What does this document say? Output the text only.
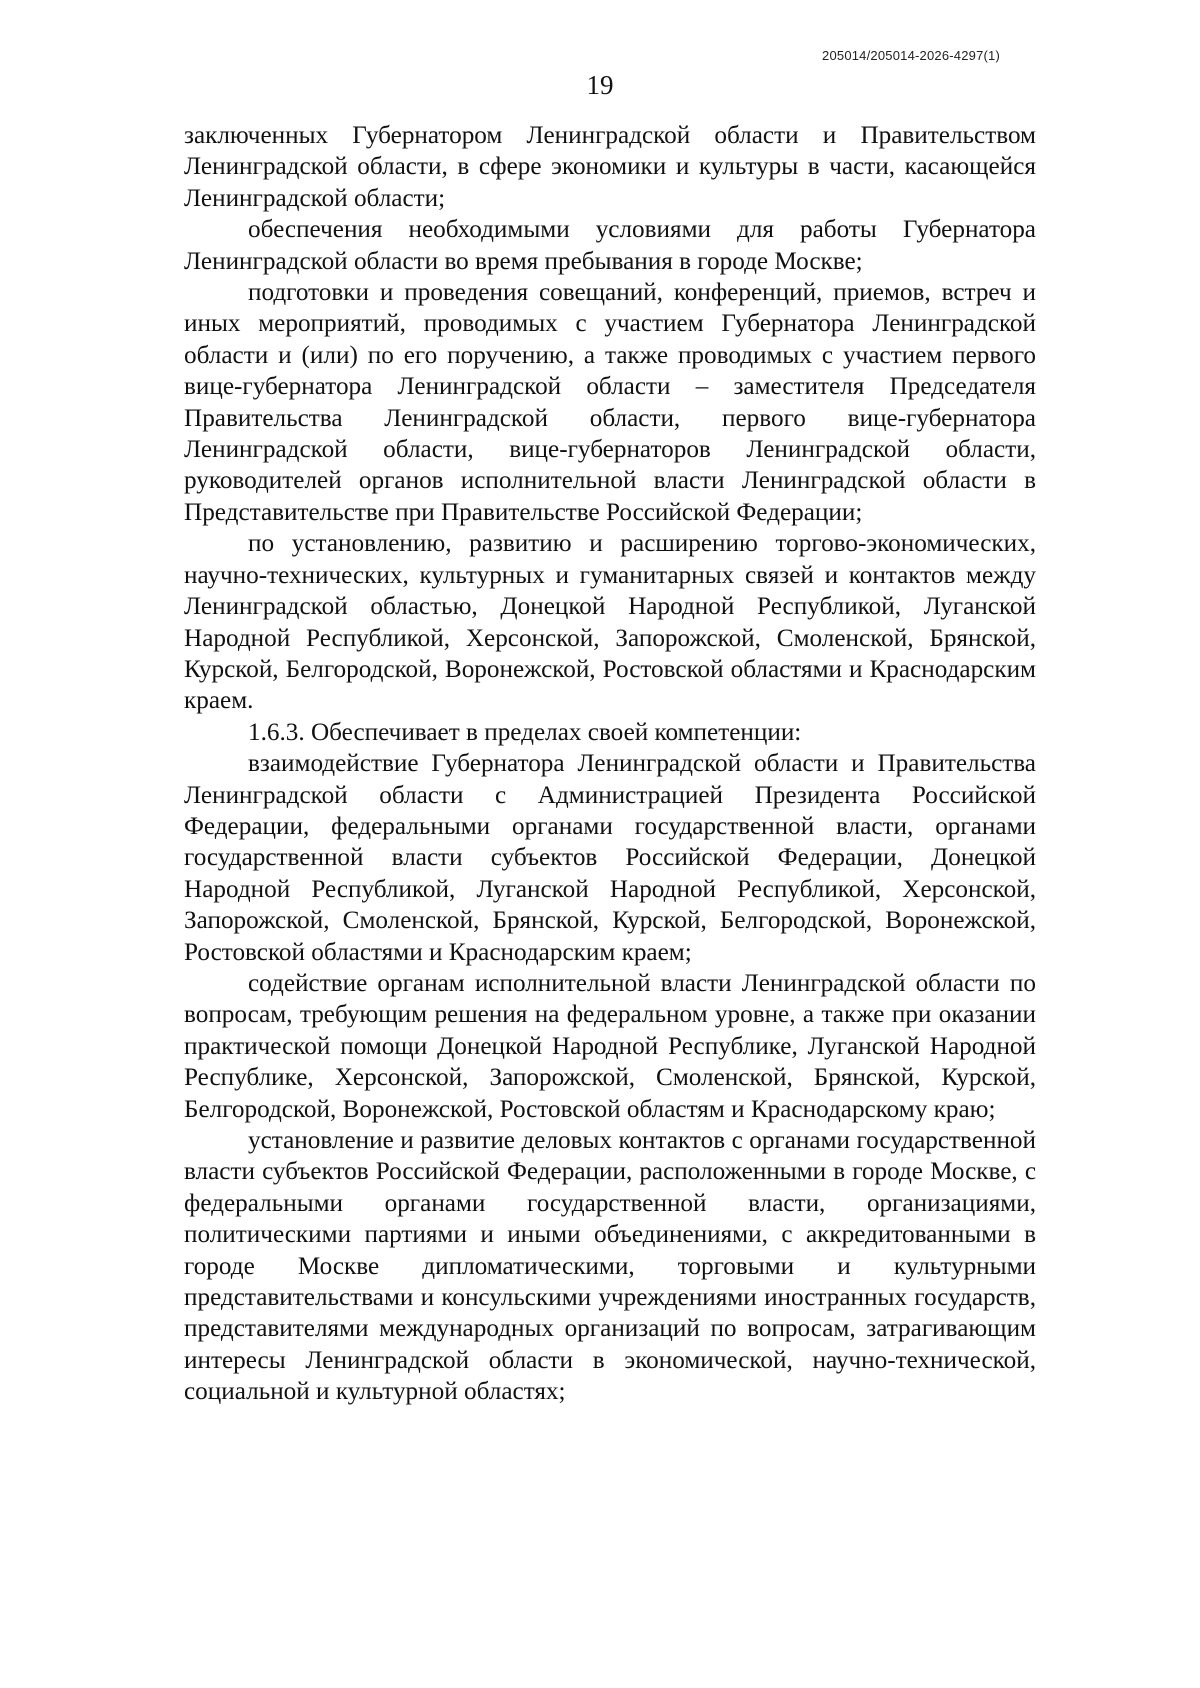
205014/205014-2026-4297(1)
19

заключенных Губернатором Ленинградской области и Правительством Ленинградской области, в сфере экономики и культуры в части, касающейся Ленинградской области;

обеспечения необходимыми условиями для работы Губернатора Ленинградской области во время пребывания в городе Москве;

подготовки и проведения совещаний, конференций, приемов, встреч и иных мероприятий, проводимых с участием Губернатора Ленинградской области и (или) по его поручению, а также проводимых с участием первого вице-губернатора Ленинградской области – заместителя Председателя Правительства Ленинградской области, первого вице-губернатора Ленинградской области, вице-губернаторов Ленинградской области, руководителей органов исполнительной власти Ленинградской области в Представительстве при Правительстве Российской Федерации;

по установлению, развитию и расширению торгово-экономических, научно-технических, культурных и гуманитарных связей и контактов между Ленинградской областью, Донецкой Народной Республикой, Луганской Народной Республикой, Херсонской, Запорожской, Смоленской, Брянской, Курской, Белгородской, Воронежской, Ростовской областями и Краснодарским краем.

1.6.3. Обеспечивает в пределах своей компетенции:

взаимодействие Губернатора Ленинградской области и Правительства Ленинградской области с Администрацией Президента Российской Федерации, федеральными органами государственной власти, органами государственной власти субъектов Российской Федерации, Донецкой Народной Республикой, Луганской Народной Республикой, Херсонской, Запорожской, Смоленской, Брянской, Курской, Белгородской, Воронежской, Ростовской областями и Краснодарским краем;

содействие органам исполнительной власти Ленинградской области по вопросам, требующим решения на федеральном уровне, а также при оказании практической помощи Донецкой Народной Республике, Луганской Народной Республике, Херсонской, Запорожской, Смоленской, Брянской, Курской, Белгородской, Воронежской, Ростовской областям и Краснодарскому краю;

установление и развитие деловых контактов с органами государственной власти субъектов Российской Федерации, расположенными в городе Москве, с федеральными органами государственной власти, организациями, политическими партиями и иными объединениями, с аккредитованными в городе Москве дипломатическими, торговыми и культурными представительствами и консульскими учреждениями иностранных государств, представителями международных организаций по вопросам, затрагивающим интересы Ленинградской области в экономической, научно-технической, социальной и культурной областях;
